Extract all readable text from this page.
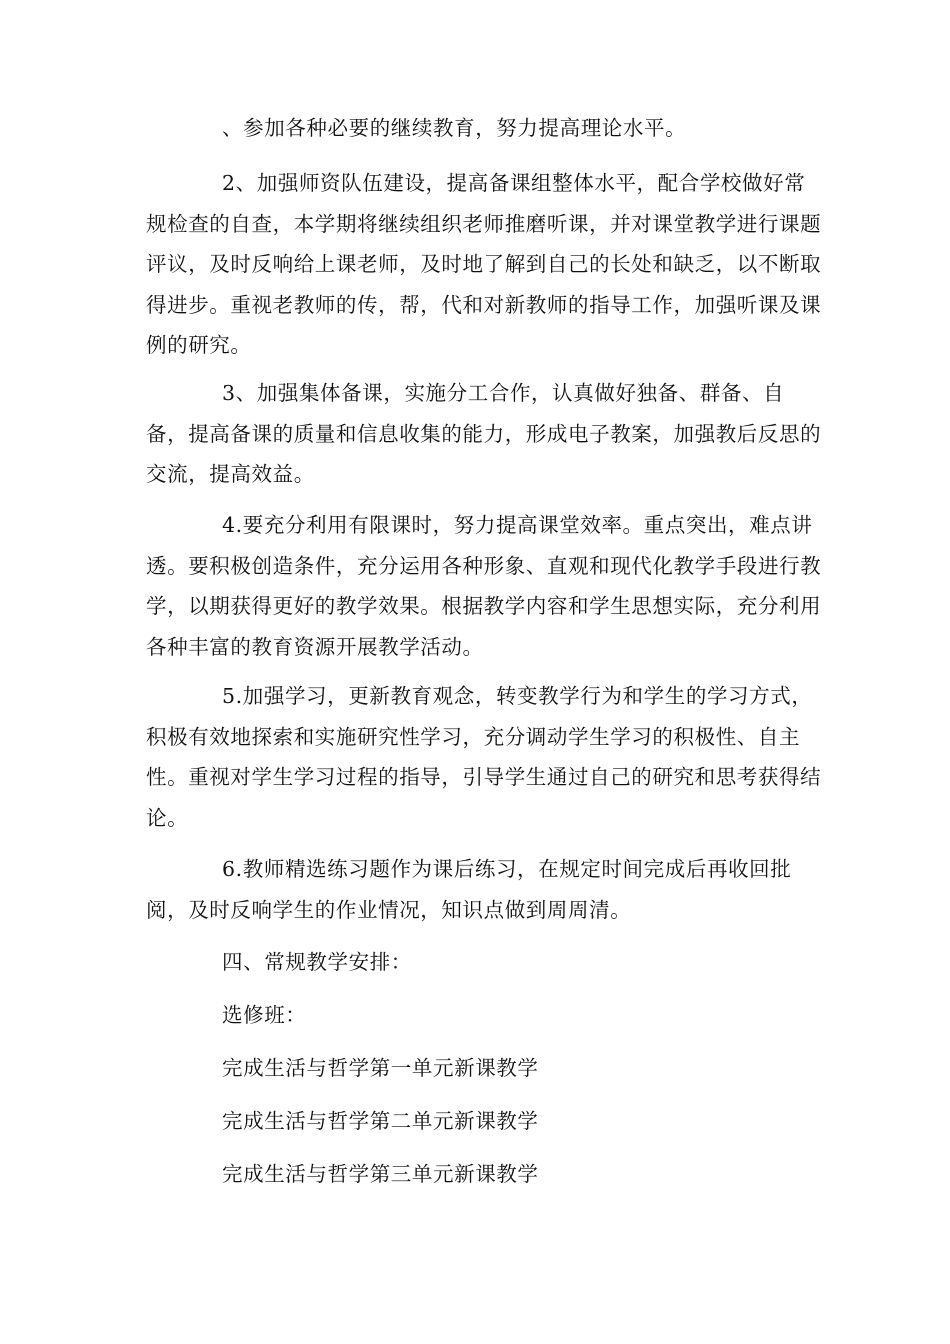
、参加各种必要的继续教育，努力提高理论水平。

2、加强师资队伍建设，提高备课组整体水平，配合学校做好常规检查的自查，本学期将继续组织老师推磨听课，并对课堂教学进行课题评议，及时反响给上课老师，及时地了解到自己的长处和缺乏，以不断取得进步。重视老教师的传，帮，代和对新教师的指导工作，加强听课及课例的研究。

3、加强集体备课，实施分工合作，认真做好独备、群备、自备，提高备课的质量和信息收集的能力，形成电子教案，加强教后反思的交流，提高效益。

4.要充分利用有限课时，努力提高课堂效率。重点突出，难点讲透。要积极创造条件，充分运用各种形象、直观和现代化教学手段进行教学，以期获得更好的教学效果。根据教学内容和学生思想实际，充分利用各种丰富的教育资源开展教学活动。

5.加强学习，更新教育观念，转变教学行为和学生的学习方式，积极有效地探索和实施研究性学习，充分调动学生学习的积极性、自主性。重视对学生学习过程的指导，引导学生通过自己的研究和思考获得结论。

6.教师精选练习题作为课后练习，在规定时间完成后再收回批阅，及时反响学生的作业情况，知识点做到周周清。

四、常规教学安排：

选修班：

完成生活与哲学第一单元新课教学

完成生活与哲学第二单元新课教学

完成生活与哲学第三单元新课教学
